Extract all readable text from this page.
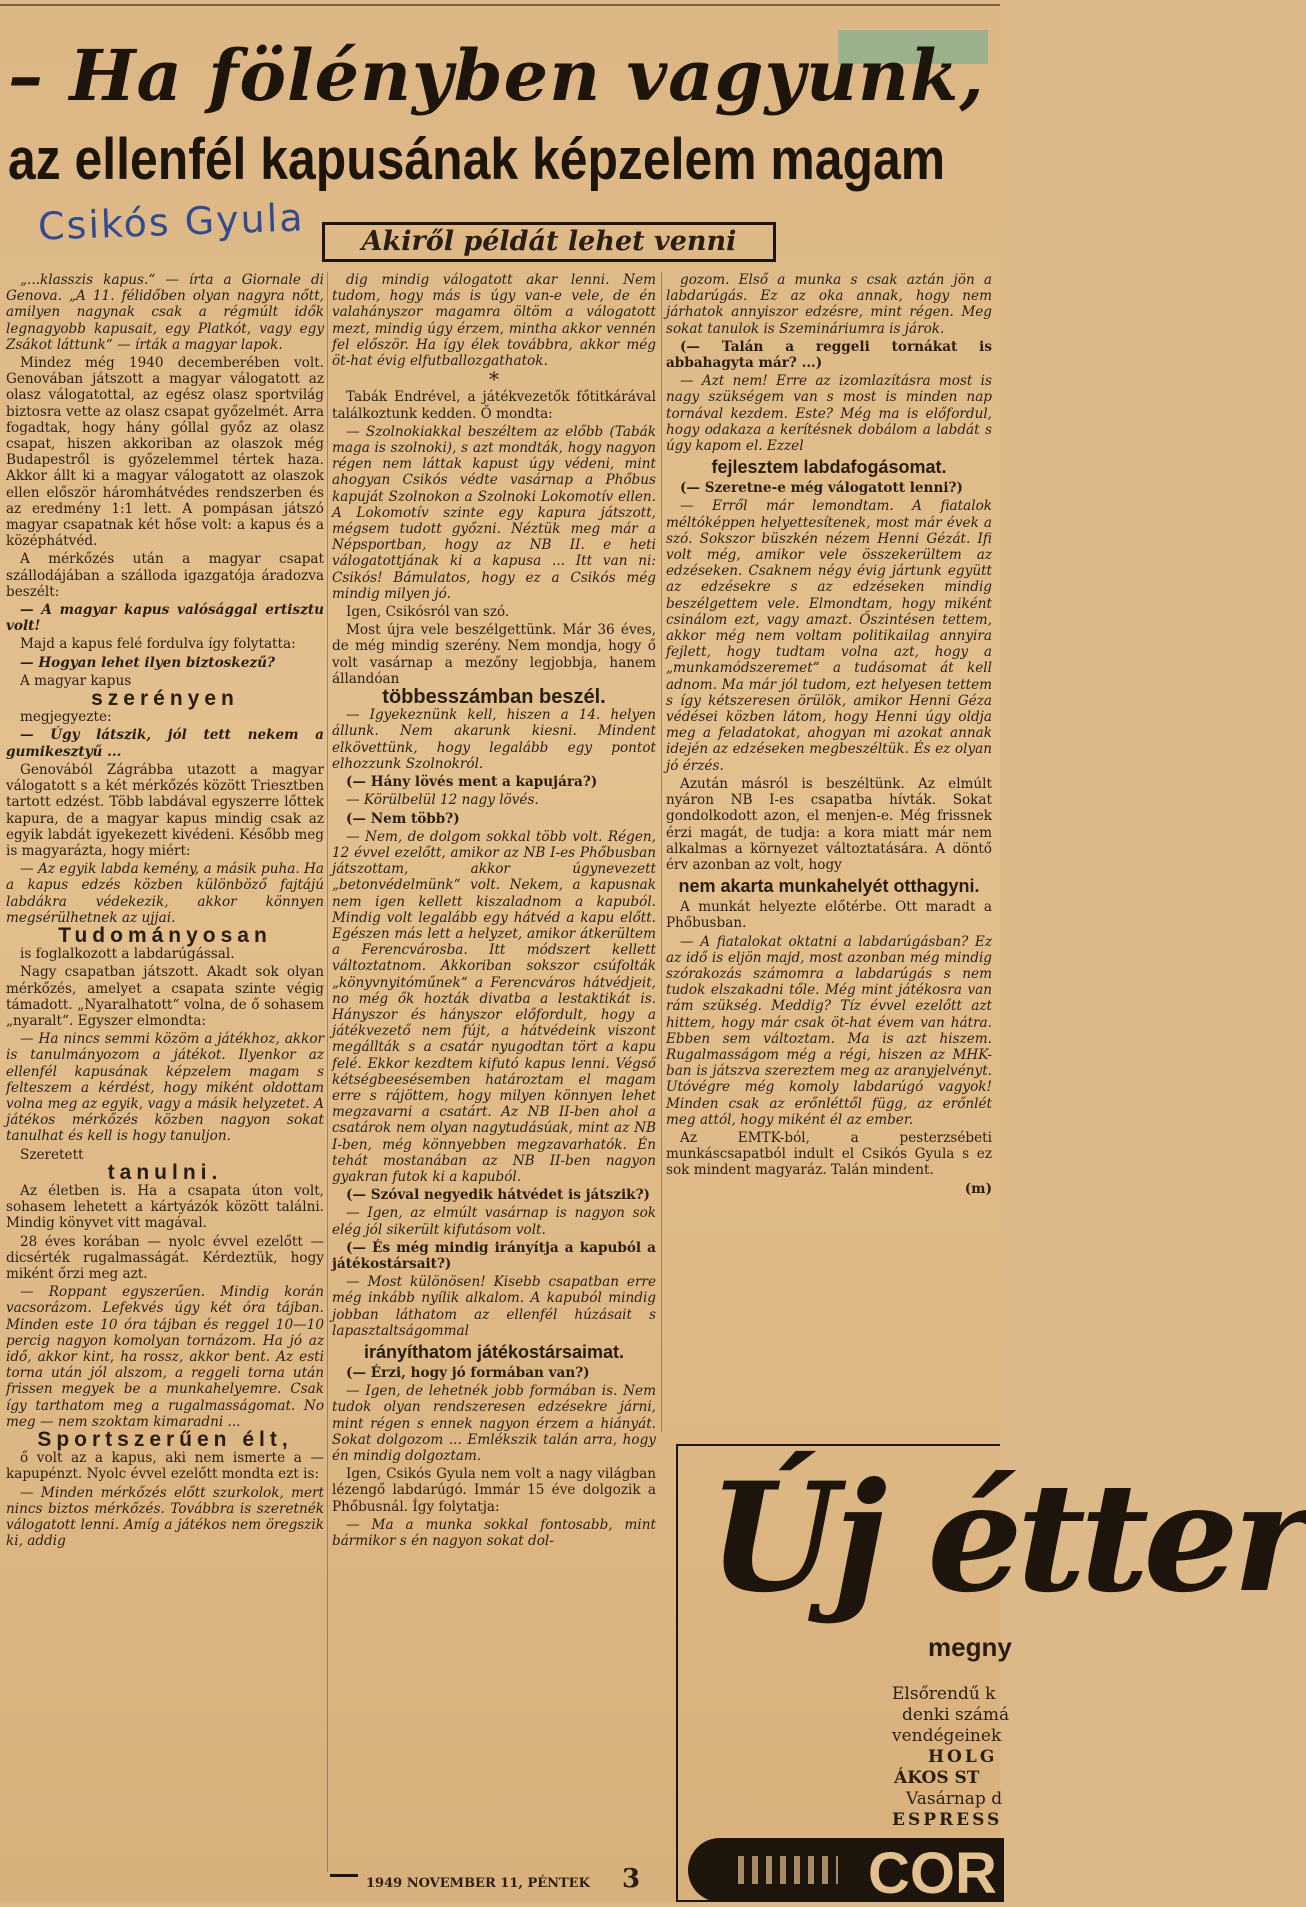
– Ha fölényben vagyunk,
az ellenfél kapusának képzelem magam
Csikós Gyula	Akiről példát lehet venni

„...klasszis kapus.“ — írta a Giornale di Genova. „A 11. félidőben olyan nagyra nőtt, amilyen nagynak csak a régmúlt idők legnagyobb kapusait, egy Platkót, vagy egy Zsákot láttunk“ — írták a magyar lapok.

Mindez még 1940 decemberében volt. Genovában játszott a magyar válogatott az olasz válogatottal, az egész olasz sportvilág biztosra vette az olasz csapat győzelmét. Arra fogadtak, hogy hány góllal győz az olasz csapat, hiszen akkoriban az olaszok még Budapestről is győzelemmel tértek haza. Akkor állt ki a magyar válogatott az olaszok ellen először háromhátvédes rendszerben és az eredmény 1:1 lett. A pompásan játszó magyar csapatnak két hőse volt: a kapus és a középhátvéd.

A mérkőzés után a magyar csapat szállodájában a szálloda igazgatója áradozva beszélt:

— A magyar kapus valósággal ertisztu volt!

Majd a kapus felé fordulva így folytatta:

— Hogyan lehet ilyen biztoskezű?

A magyar kapus

szerényen

megjegyezte:

— Úgy látszik, jól tett nekem a gumikesztyű ...

Genovából Zágrábba utazott a magyar válogatott s a két mérkőzés között Triesztben tartott edzést. Több labdával egyszerre lőttek kapura, de a magyar kapus mindig csak az egyik labdát igyekezett kivédeni. Később meg is magyarázta, hogy miért:

— Az egyik labda kemény, a másik puha. Ha a kapus edzés közben különböző fajtájú labdákra védekezik, akkor könnyen megsérülhetnek az ujjai.

Tudományosan

is foglalkozott a labdarúgással.

Nagy csapatban játszott. Akadt sok olyan mérkőzés, amelyet a csapata szinte végig támadott. „Nyaralhatott“ volna, de ő sohasem „nyaralt“. Egyszer elmondta:

— Ha nincs semmi közöm a játékhoz, akkor is tanulmányozom a játékot. Ilyenkor az ellenfél kapusának képzelem magam s felteszem a kérdést, hogy miként oldottam volna meg az egyik, vagy a másik helyzetet. A játékos mérkőzés közben nagyon sokat tanulhat és kell is hogy tanuljon.

Szeretett

tanulni.

Az életben is. Ha a csapata úton volt, sohasem lehetett a kártyázók között találni. Mindig könyvet vitt magával.

28 éves korában — nyolc évvel ezelőtt — dicsérték rugalmasságát. Kérdeztük, hogy miként őrzi meg azt.

— Roppant egyszerűen. Mindig korán vacsorázom. Lefekvés úgy két óra tájban. Minden este 10 óra tájban és reggel 10—10 percig nagyon komolyan tornázom. Ha jó az idő, akkor kint, ha rossz, akkor bent. Az esti torna után jól alszom, a reggeli torna után frissen megyek be a munkahelyemre. Csak így tarthatom meg a rugalmasságomat. No meg — nem szoktam kimaradni ...

Sportszerűen élt,

ő volt az a kapus, aki nem ismerte a — kapupénzt. Nyolc évvel ezelőtt mondta ezt is:

— Minden mérkőzés előtt szurkolok, mert nincs biztos mérkőzés. Továbbra is szeretnék válogatott lenni. Amíg a játékos nem öregszik ki, addig

dig mindig válogatott akar lenni. Nem tudom, hogy más is úgy van-e vele, de én valahányszor magamra öltöm a válogatott mezt, mindig úgy érzem, mintha akkor vennén fel először. Ha így élek továbbra, akkor még öt-hat évig elfutballozgathatok.

*

Tabák Endrével, a játékvezetők főtitkárával találkoztunk kedden. Ő mondta:

— Szolnokiakkal beszéltem az előbb (Tabák maga is szolnoki), s azt mondták, hogy nagyon régen nem láttak kapust úgy védeni, mint ahogyan Csikós védte vasárnap a Phőbus kapuját Szolnokon a Szolnoki Lokomotív ellen. A Lokomotív szinte egy kapura játszott, mégsem tudott győzni. Néztük meg már a Népsportban, hogy az NB II. e heti válogatottjának ki a kapusa ... Itt van ni: Csikós! Bámulatos, hogy ez a Csikós még mindig milyen jó.

Igen, Csikósról van szó.

Most újra vele beszélgettünk. Már 36 éves, de még mindig szerény. Nem mondja, hogy ő volt vasárnap a mezőny legjobbja, hanem állandóan

többesszámban beszél.

— Igyekeznünk kell, hiszen a 14. helyen állunk. Nem akarunk kiesni. Mindent elkövettünk, hogy legalább egy pontot elhozzunk Szolnokról.

(— Hány lövés ment a kapujára?)

— Körülbelül 12 nagy lövés.

(— Nem több?)

— Nem, de dolgom sokkal több volt. Régen, 12 évvel ezelőtt, amikor az NB I-es Phőbusban játszottam, akkor úgynevezett „betonvédelmünk“ volt. Nekem, a kapusnak nem igen kellett kiszaladnom a kapuból. Mindig volt legalább egy hátvéd a kapu előtt. Egészen más lett a helyzet, amikor átkerültem a Ferencvárosba. Itt módszert kellett változtatnom. Akkoriban sokszor csúfolták „könyvnyitóműnek“ a Ferencváros hátvédjeit, no még ők hozták divatba a lestaktikát is. Hányszor és hányszor előfordult, hogy a játékvezető nem fújt, a hátvédeink viszont megállták s a csatár nyugodtan tört a kapu felé. Ekkor kezdtem kifutó kapus lenni. Végső kétségbeesésemben határoztam el magam erre s rájöttem, hogy milyen könnyen lehet megzavarni a csatárt. Az NB II-ben ahol a csatárok nem olyan nagytudásúak, mint az NB I-ben, még könnyebben megzavarhatók. Én tehát mostanában az NB II-ben nagyon gyakran futok ki a kapuból.

(— Szóval negyedik hátvédet is játszik?)

— Igen, az elmúlt vasárnap is nagyon sok elég jól sikerült kifutásom volt.

(— És még mindig irányítja a kapuból a játékostársait?)

— Most különösen! Kisebb csapatban erre még inkább nyílik alkalom. A kapuból mindig jobban láthatom az ellenfél húzásait s lapasztaltságommal

irányíthatom játékostársaimat.

(— Érzi, hogy jó formában van?)

— Igen, de lehetnék jobb formában is. Nem tudok olyan rendszeresen edzésekre járni, mint régen s ennek nagyon érzem a hiányát. Sokat dolgozom ... Emlékszik talán arra, hogy én mindig dolgoztam.

Igen, Csikós Gyula nem volt a nagy világban lézengő labdarúgó. Immár 15 éve dolgozik a Phőbusnál. Így folytatja:

— Ma a munka sokkal fontosabb, mint bármikor s én nagyon sokat dol-

gozom. Első a munka s csak aztán jön a labdarúgás. Ez az oka annak, hogy nem járhatok annyiszor edzésre, mint régen. Meg sokat tanulok is Szemináriumra is járok.

(— Talán a reggeli tornákat is abbahagyta már? ...)

— Azt nem! Erre az izomlazításra most is nagy szükségem van s most is minden nap tornával kezdem. Este? Még ma is előfordul, hogy odakaza a kerítésnek dobálom a labdát s úgy kapom el. Ezzel

fejlesztem labdafogásomat.

(— Szeretne-e még válogatott lenni?)

— Erről már lemondtam. A fiatalok méltóképpen helyettesítenek, most már évek a szó. Sokszor büszkén nézem Henni Gézát. Ifi volt még, amikor vele összekerültem az edzéseken. Csaknem négy évig jártunk együtt az edzésekre s az edzéseken mindig beszélgettem vele. Elmondtam, hogy miként csinálom ezt, vagy amazt. Őszintésen tettem, akkor még nem voltam politikailag annyira fejlett, hogy tudtam volna azt, hogy a „munkamódszeremet“ a tudásomat át kell adnom. Ma már jól tudom, ezt helyesen tettem s így kétszeresen örülök, amikor Henni Géza védései közben látom, hogy Henni úgy oldja meg a feladatokat, ahogyan mi azokat annak idején az edzéseken megbeszéltük. És ez olyan jó érzés.

Azután másról is beszéltünk. Az elmúlt nyáron NB I-es csapatba hívták. Sokat gondolkodott azon, el menjen-e. Még frissnek érzi magát, de tudja: a kora miatt már nem alkalmas a környezet változtatására. A döntő érv azonban az volt, hogy

nem akarta munkahelyét otthagyni.

A munkát helyezte előtérbe. Ott maradt a Phőbusban.

— A fiatalokat oktatni a labdarúgásban? Ez az idő is eljön majd, most azonban még mindig szórakozás számomra a labdarúgás s nem tudok elszakadni tőle. Még mint játékosra van rám szükség. Meddig? Tíz évvel ezelőtt azt hittem, hogy már csak öt-hat évem van hátra. Ebben sem változtam. Ma is azt hiszem. Rugalmasságom még a régi, hiszen az MHK-ban is játszva szereztem meg az aranyjelvényt. Utóvégre még komoly labdarúgó vagyok! Minden csak az erőnléttől függ, az erőnlét meg attól, hogy miként él az ember.

Az EMTK-ból, a pesterzsébeti munkáscsapatból indult el Csikós Gyula s ez sok mindent magyaráz. Talán mindent.

(m)

Új étter
megny
Elsőrendű k
denki számá
vendégeinek
HOLG
ÁKOS ST
Vasárnap d
ESPRESS
COR
1949 NOVEMBER 11, PÉNTEK 3
